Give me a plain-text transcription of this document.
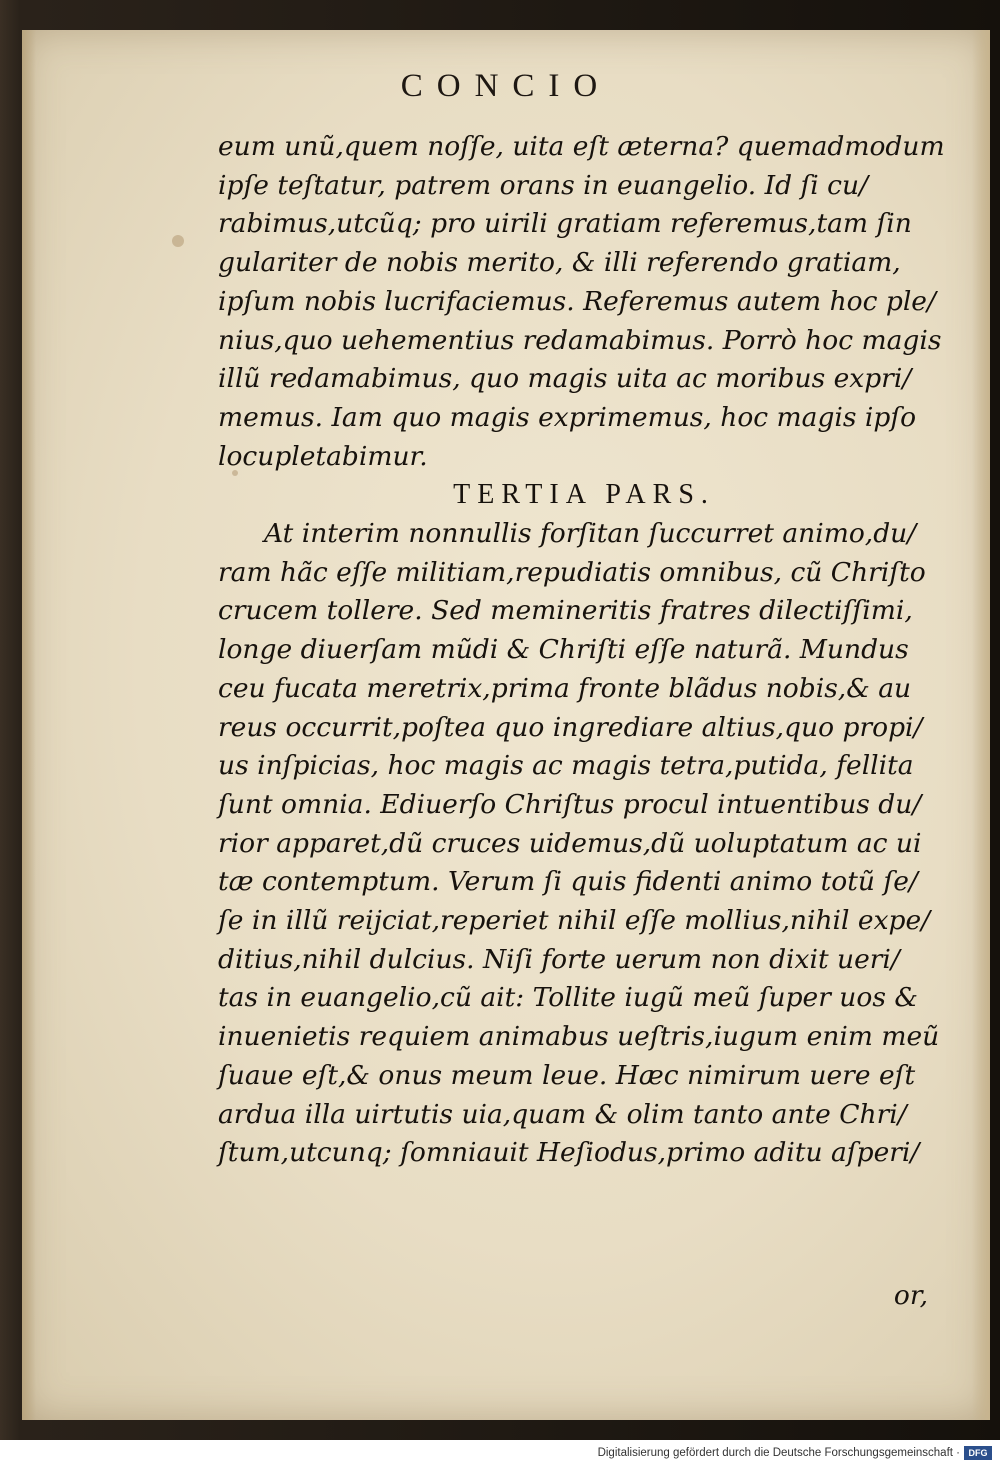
CONCIO
eum unũ,quem noſſe, uita eſt æterna? quemadmodum
ipſe teſtatur, patrem orans in euangelio. Id ſi cu/
rabimus,utcũq; pro uirili gratiam referemus,tam ſin
gulariter de nobis merito, & illi referendo gratiam,
ipſum nobis lucrifaciemus. Referemus autem hoc ple/
nius,quo uehementius redamabimus. Porrò hoc magis
illũ redamabimus, quo magis uita ac moribus expri/
memus. Iam quo magis exprimemus, hoc magis ipſo
locupletabimur.
TERTIA PARS.
At interim nonnullis forſitan ſuccurret animo,du/
ram hãc eſſe militiam,repudiatis omnibus, cũ Chriſto
crucem tollere. Sed memineritis fratres dilectiſſimi,
longe diuerſam mũdi & Chriſti eſſe naturã. Mundus
ceu fucata meretrix,prima fronte blãdus nobis,& au
reus occurrit,poſtea quo ingrediare altius,quo propi/
us inſpicias, hoc magis ac magis tetra,putida, fellita
ſunt omnia. Ediuerſo Chriſtus procul intuentibus du/
rior apparet,dũ cruces uidemus,dũ uoluptatum ac ui
tæ contemptum. Verum ſi quis fidenti animo totũ ſe/
ſe in illũ reijciat,reperiet nihil eſſe mollius,nihil expe/
ditius,nihil dulcius. Niſi forte uerum non dixit ueri/
tas in euangelio,cũ ait: Tollite iugũ meũ ſuper uos &
inuenietis requiem animabus ueſtris,iugum enim meũ
ſuaue eſt,& onus meum leue. Hæc nimirum uere eſt
ardua illa uirtutis uia,quam & olim tanto ante Chri/
ſtum,utcunq; ſomniauit Heſiodus,primo aditu aſperi/
or,
Digitalisierung gefördert durch die Deutsche Forschungsgemeinschaft · DFG
